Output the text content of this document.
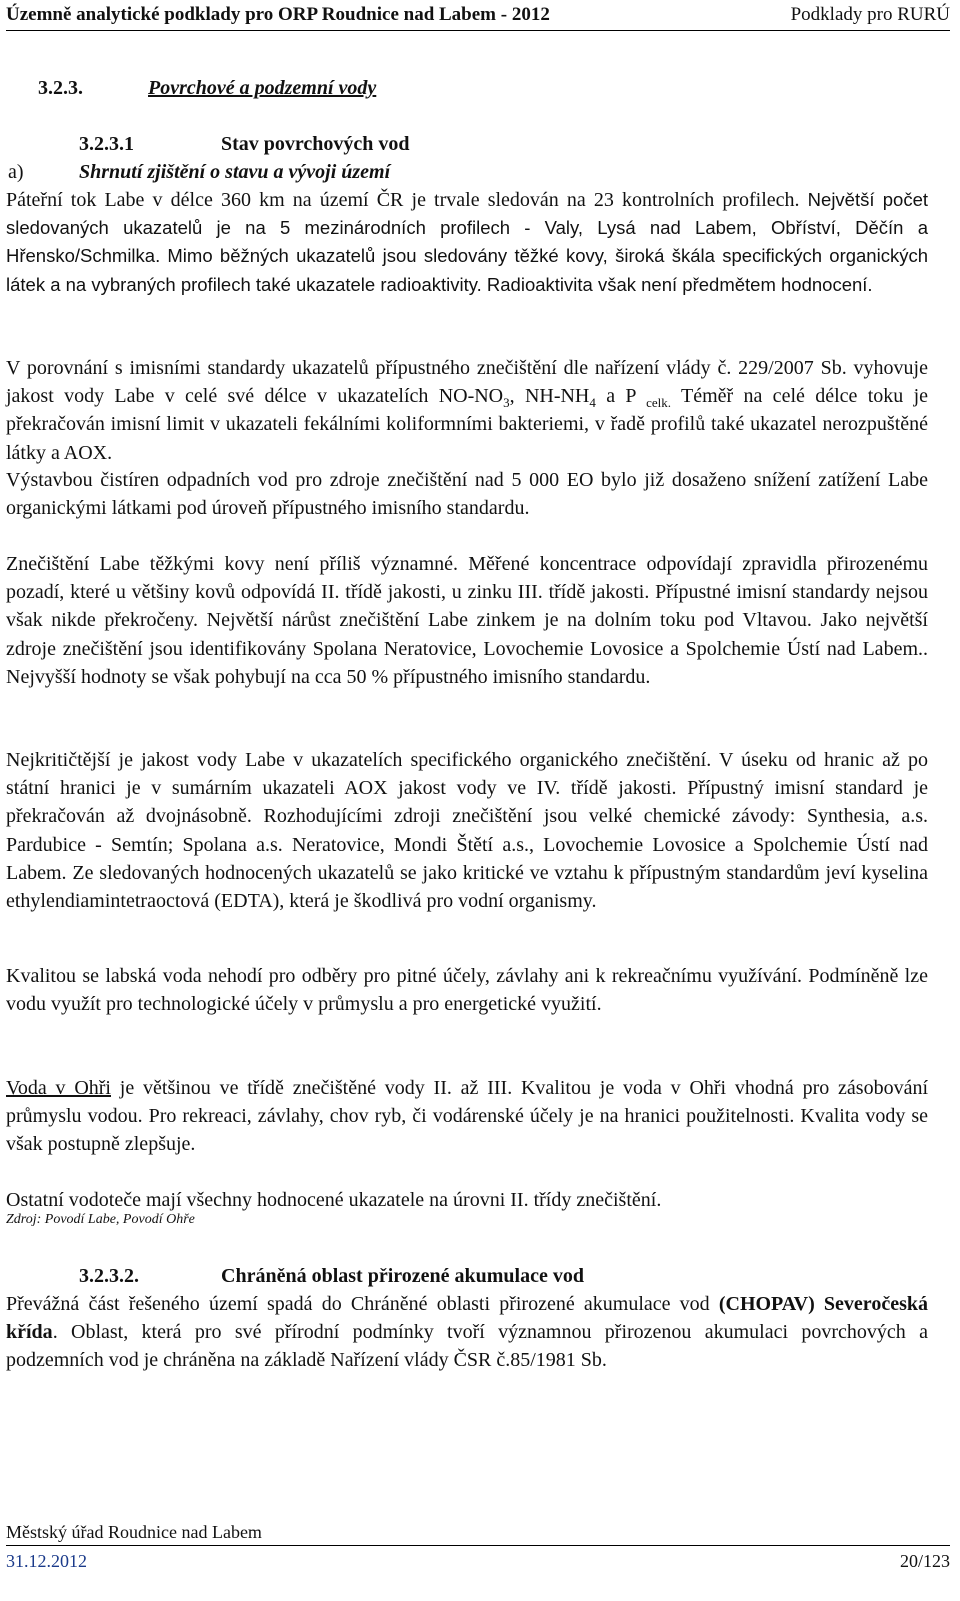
Územně analytické podklady pro ORP Roudnice nad Labem - 2012	Podklady pro RURÚ
3.2.3.	Povrchové a podzemní vody
3.2.3.1	Stav povrchových vod
a)	Shrnutí zjištění o stavu a vývoji území

Páteřní tok Labe v délce 360 km na území ČR je trvale sledován na 23 kontrolních profilech. Největší počet sledovaných ukazatelů je na 5 mezinárodních profilech - Valy, Lysá nad Labem, Obříství, Děčín a Hřensko/Schmilka. Mimo běžných ukazatelů jsou sledovány těžké kovy, široká škála specifických organických látek a na vybraných profilech také ukazatele radioaktivity. Radioaktivita však není předmětem hodnocení.

V porovnání s imisními standardy ukazatelů přípustného znečištění dle nařízení vlády č. 229/2007 Sb. vyhovuje jakost vody Labe v celé své délce v ukazatelích $NO-NO_3$, $NH-NH_4$ a P $_{celk.}$ Téměř na celé délce toku je překračován imisní limit v ukazateli fekálními koliformními bakteriemi, v řadě profilů také ukazatel nerozpuštěné látky a AOX.

Výstavbou čistíren odpadních vod pro zdroje znečištění nad 5 000 EO bylo již dosaženo snížení zatížení Labe organickými látkami pod úroveň přípustného imisního standardu.

Znečištění Labe těžkými kovy není příliš významné. Měřené koncentrace odpovídají zpravidla přirozenému pozadí, které u většiny kovů odpovídá II. třídě jakosti, u zinku III. třídě jakosti. Přípustné imisní standardy nejsou však nikde překročeny. Největší nárůst znečištění Labe zinkem je na dolním toku pod Vltavou. Jako největší zdroje znečištění jsou identifikovány Spolana Neratovice, Lovochemie Lovosice a Spolchemie Ústí nad Labem.. Nejvyšší hodnoty se však pohybují na cca 50 % přípustného imisního standardu.

Nejkritičtější je jakost vody Labe v ukazatelích specifického organického znečištění. V úseku od hranic až po státní hranici je v sumárním ukazateli AOX jakost vody ve IV. třídě jakosti. Přípustný imisní standard je překračován až dvojnásobně. Rozhodujícími zdroji znečištění jsou velké chemické závody: Synthesia, a.s. Pardubice - Semtín; Spolana a.s. Neratovice, Mondi Štětí a.s., Lovochemie Lovosice a Spolchemie Ústí nad Labem. Ze sledovaných hodnocených ukazatelů se jako kritické ve vztahu k přípustným standardům jeví kyselina ethylendiamintetraoctová (EDTA), která je škodlivá pro vodní organismy.

Kvalitou se labská voda nehodí pro odběry pro pitné účely, závlahy ani k rekreačnímu využívání. Podmíněně lze vodu využít pro technologické účely v průmyslu a pro energetické využití.

Voda v Ohři je většinou ve třídě znečištěné vody II. až III. Kvalitou je voda v Ohři vhodná pro zásobování průmyslu vodou. Pro rekreaci, závlahy, chov ryb, či vodárenské účely je na hranici použitelnosti. Kvalita vody se však postupně zlepšuje.

Ostatní vodoteče mají všechny hodnocené ukazatele na úrovni II. třídy znečištění.

Zdroj: Povodí Labe, Povodí Ohře
3.2.3.2.	Chráněná oblast přirozené akumulace vod

Převážná část řešeného území spadá do Chráněné oblasti přirozené akumulace vod (CHOPAV) Severočeská křída. Oblast, která pro své přírodní podmínky tvoří významnou přirozenou akumulaci povrchových a podzemních vod je chráněna na základě Nařízení vlády ČSR č.85/1981 Sb.

Městský úřad Roudnice nad Labem
31.12.2012	20/123
